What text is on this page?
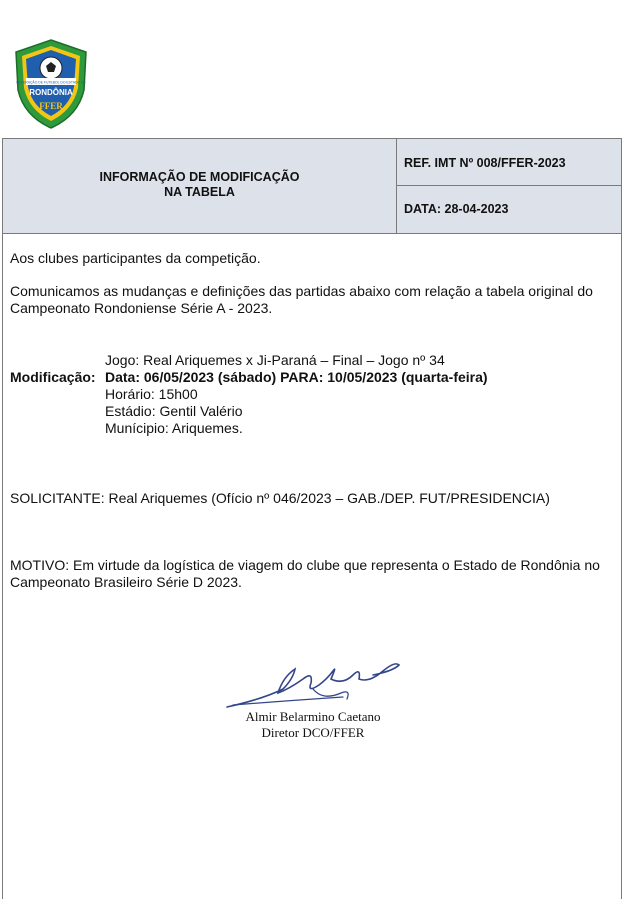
FEDERAÇÃO DE FUTEBOL DO ESTADO DE
RONDÔNIA
FFER
INFORMAÇÃO DE MODIFICAÇÃO
NA TABELA
REF. IMT Nº 008/FFER-2023
DATA: 28-04-2023
Aos clubes participantes da competição.
Comunicamos as mudanças e definições das partidas abaixo com relação a tabela original do Campeonato Rondoniense Série A - 2023.
Modificação:
Jogo: Real Ariquemes x Ji-Paraná – Final – Jogo nº 34
Data: 06/05/2023 (sábado) PARA: 10/05/2023 (quarta-feira)
Horário: 15h00
Estádio: Gentil Valério
Munícipio: Ariquemes.
SOLICITANTE: Real Ariquemes (Ofício nº 046/2023 – GAB./DEP. FUT/PRESIDENCIA)
MOTIVO: Em virtude da logística de viagem do clube que representa o Estado de Rondônia no Campeonato Brasileiro Série D 2023.
Almir Belarmino Caetano
Diretor DCO/FFER
